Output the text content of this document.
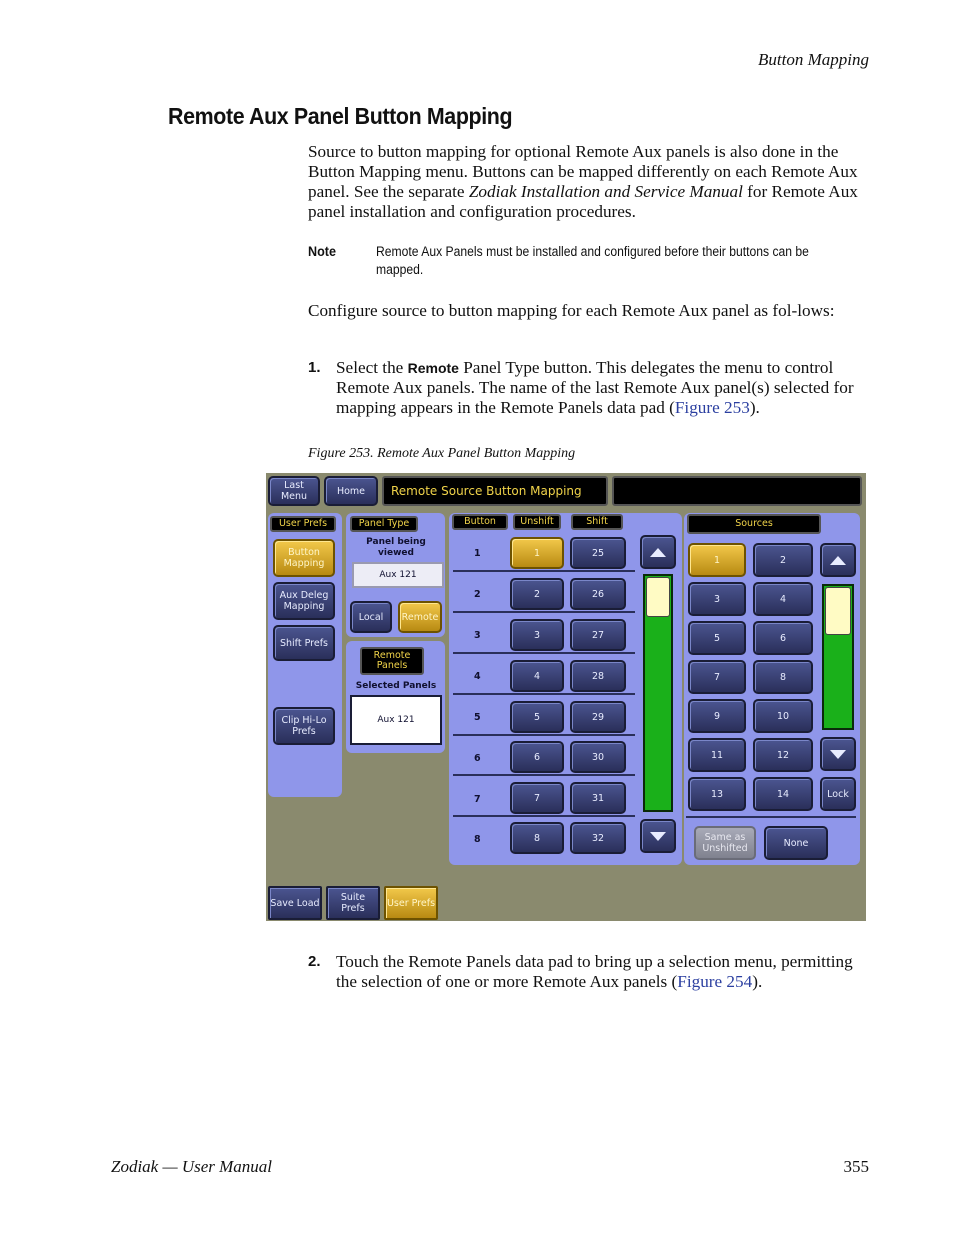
Button Mapping
Remote Aux Panel Button Mapping
Source to button mapping for optional Remote Aux panels is also done in the Button Mapping menu. Buttons can be mapped differently on each Remote Aux panel. See the separate Zodiak Installation and Service Manual for Remote Aux panel installation and configuration procedures.
Note	Remote Aux Panels must be installed and configured before their buttons can be mapped.
Configure source to button mapping for each Remote Aux panel as fol-lows:
1. Select the Remote Panel Type button. This delegates the menu to control Remote Aux panels. The name of the last Remote Aux panel(s) selected for mapping appears in the Remote Panels data pad (Figure 253).
Figure 253. Remote Aux Panel Button Mapping
Last Menu	Home	Remote Source Button Mapping
User Prefs
Button Mapping
Aux Deleg Mapping
Shift Prefs
Clip Hi-Lo Prefs
Panel Type
Panel being viewed
Aux 121
Local	Remote
Remote Panels
Selected Panels
Aux 121
Button	Unshift	Shift
1	1	25
2	2	26
3	3	27
4	4	28
5	5	29
6	6	30
7	7	31
8	8	32
Sources
1	2
3	4
5	6
7	8
9	10
11	12
13	14
Same as Unshifted	None
Lock
Save Load	Suite Prefs	User Prefs
2. Touch the Remote Panels data pad to bring up a selection menu, permitting the selection of one or more Remote Aux panels (Figure 254).
Zodiak — User Manual	355
